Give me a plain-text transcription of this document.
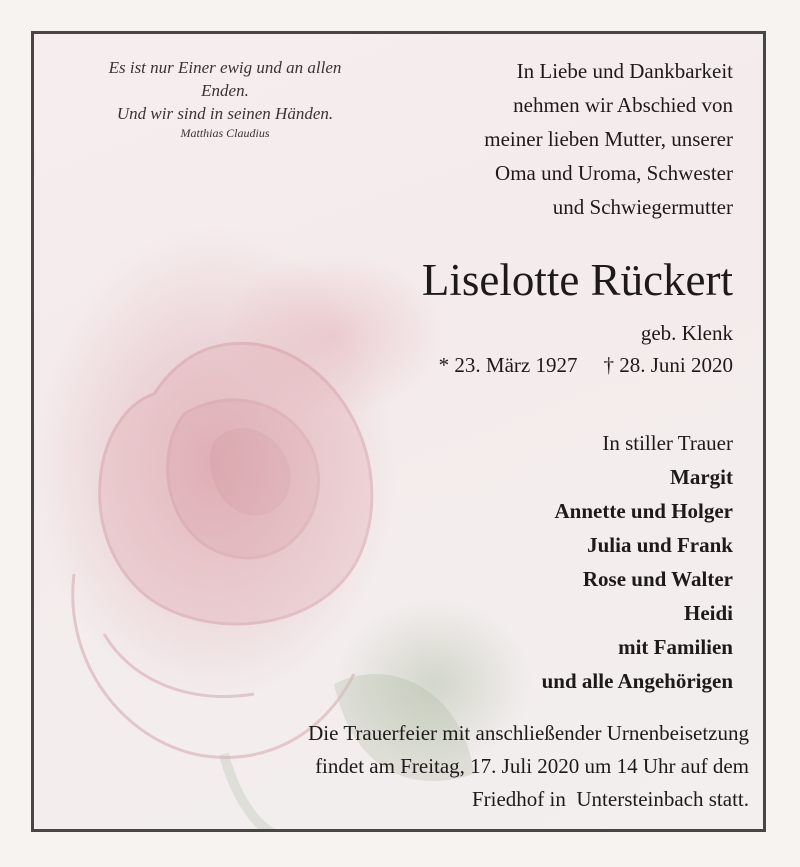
Es ist nur Einer ewig und an allen
Enden.
Und wir sind in seinen Händen.
Matthias Claudius
In Liebe und Dankbarkeit
nehmen wir Abschied von
meiner lieben Mutter, unserer
Oma und Uroma, Schwester
und Schwiegermutter
Liselotte Rückert
geb. Klenk
* 23. März 1927 † 28. Juni 2020
In stiller Trauer
Margit
Annette und Holger
Julia und Frank
Rose und Walter
Heidi
mit Familien
und alle Angehörigen
Die Trauerfeier mit anschließender Urnenbeisetzung
findet am Freitag, 17. Juli 2020 um 14 Uhr auf dem
Friedhof in  Untersteinbach statt.
